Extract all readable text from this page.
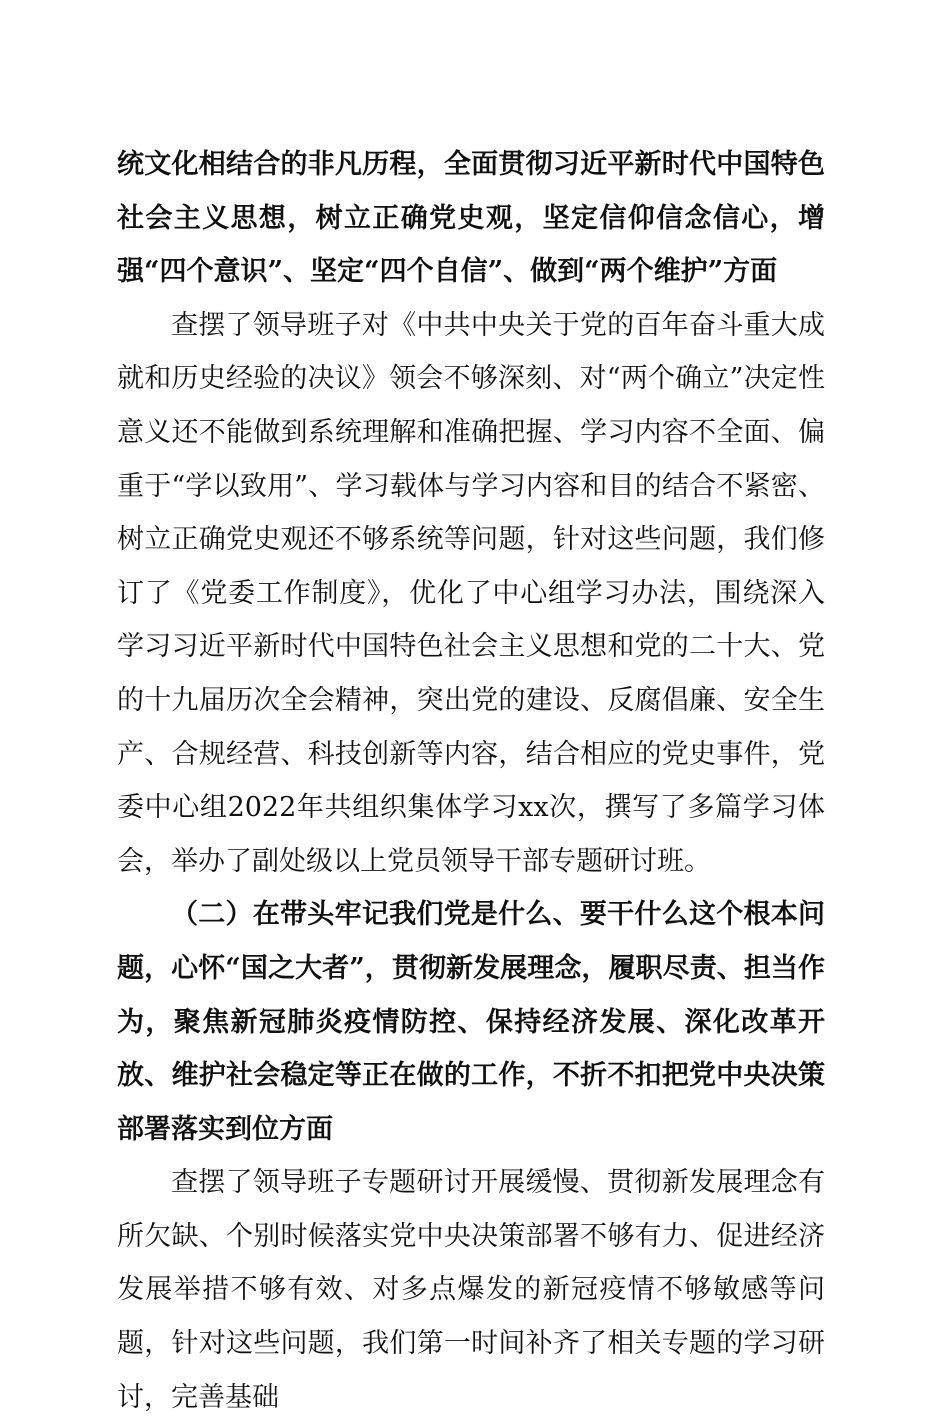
统文化相结合的非凡历程，全面贯彻习近平新时代中国特色社会主义思想，树立正确党史观，坚定信仰信念信心，增强“四个意识”、坚定“四个自信”、做到“两个维护”方面

查摆了领导班子对《中共中央关于党的百年奋斗重大成就和历史经验的决议》领会不够深刻、对“两个确立”决定性意义还不能做到系统理解和准确把握、学习内容不全面、偏重于“学以致用”、学习载体与学习内容和目的结合不紧密、树立正确党史观还不够系统等问题，针对这些问题，我们修订了《党委工作制度》，优化了中心组学习办法，围绕深入学习习近平新时代中国特色社会主义思想和党的二十大、党的十九届历次全会精神，突出党的建设、反腐倡廉、安全生产、合规经营、科技创新等内容，结合相应的党史事件，党委中心组2022年共组织集体学习xx次，撰写了多篇学习体会，举办了副处级以上党员领导干部专题研讨班。

（二）在带头牢记我们党是什么、要干什么这个根本问题，心怀“国之大者”，贯彻新发展理念，履职尽责、担当作为，聚焦新冠肺炎疫情防控、保持经济发展、深化改革开放、维护社会稳定等正在做的工作，不折不扣把党中央决策部署落实到位方面

查摆了领导班子专题研讨开展缓慢、贯彻新发展理念有所欠缺、个别时候落实党中央决策部署不够有力、促进经济发展举措不够有效、对多点爆发的新冠疫情不够敏感等问题，针对这些问题，我们第一时间补齐了相关专题的学习研讨，完善基础
